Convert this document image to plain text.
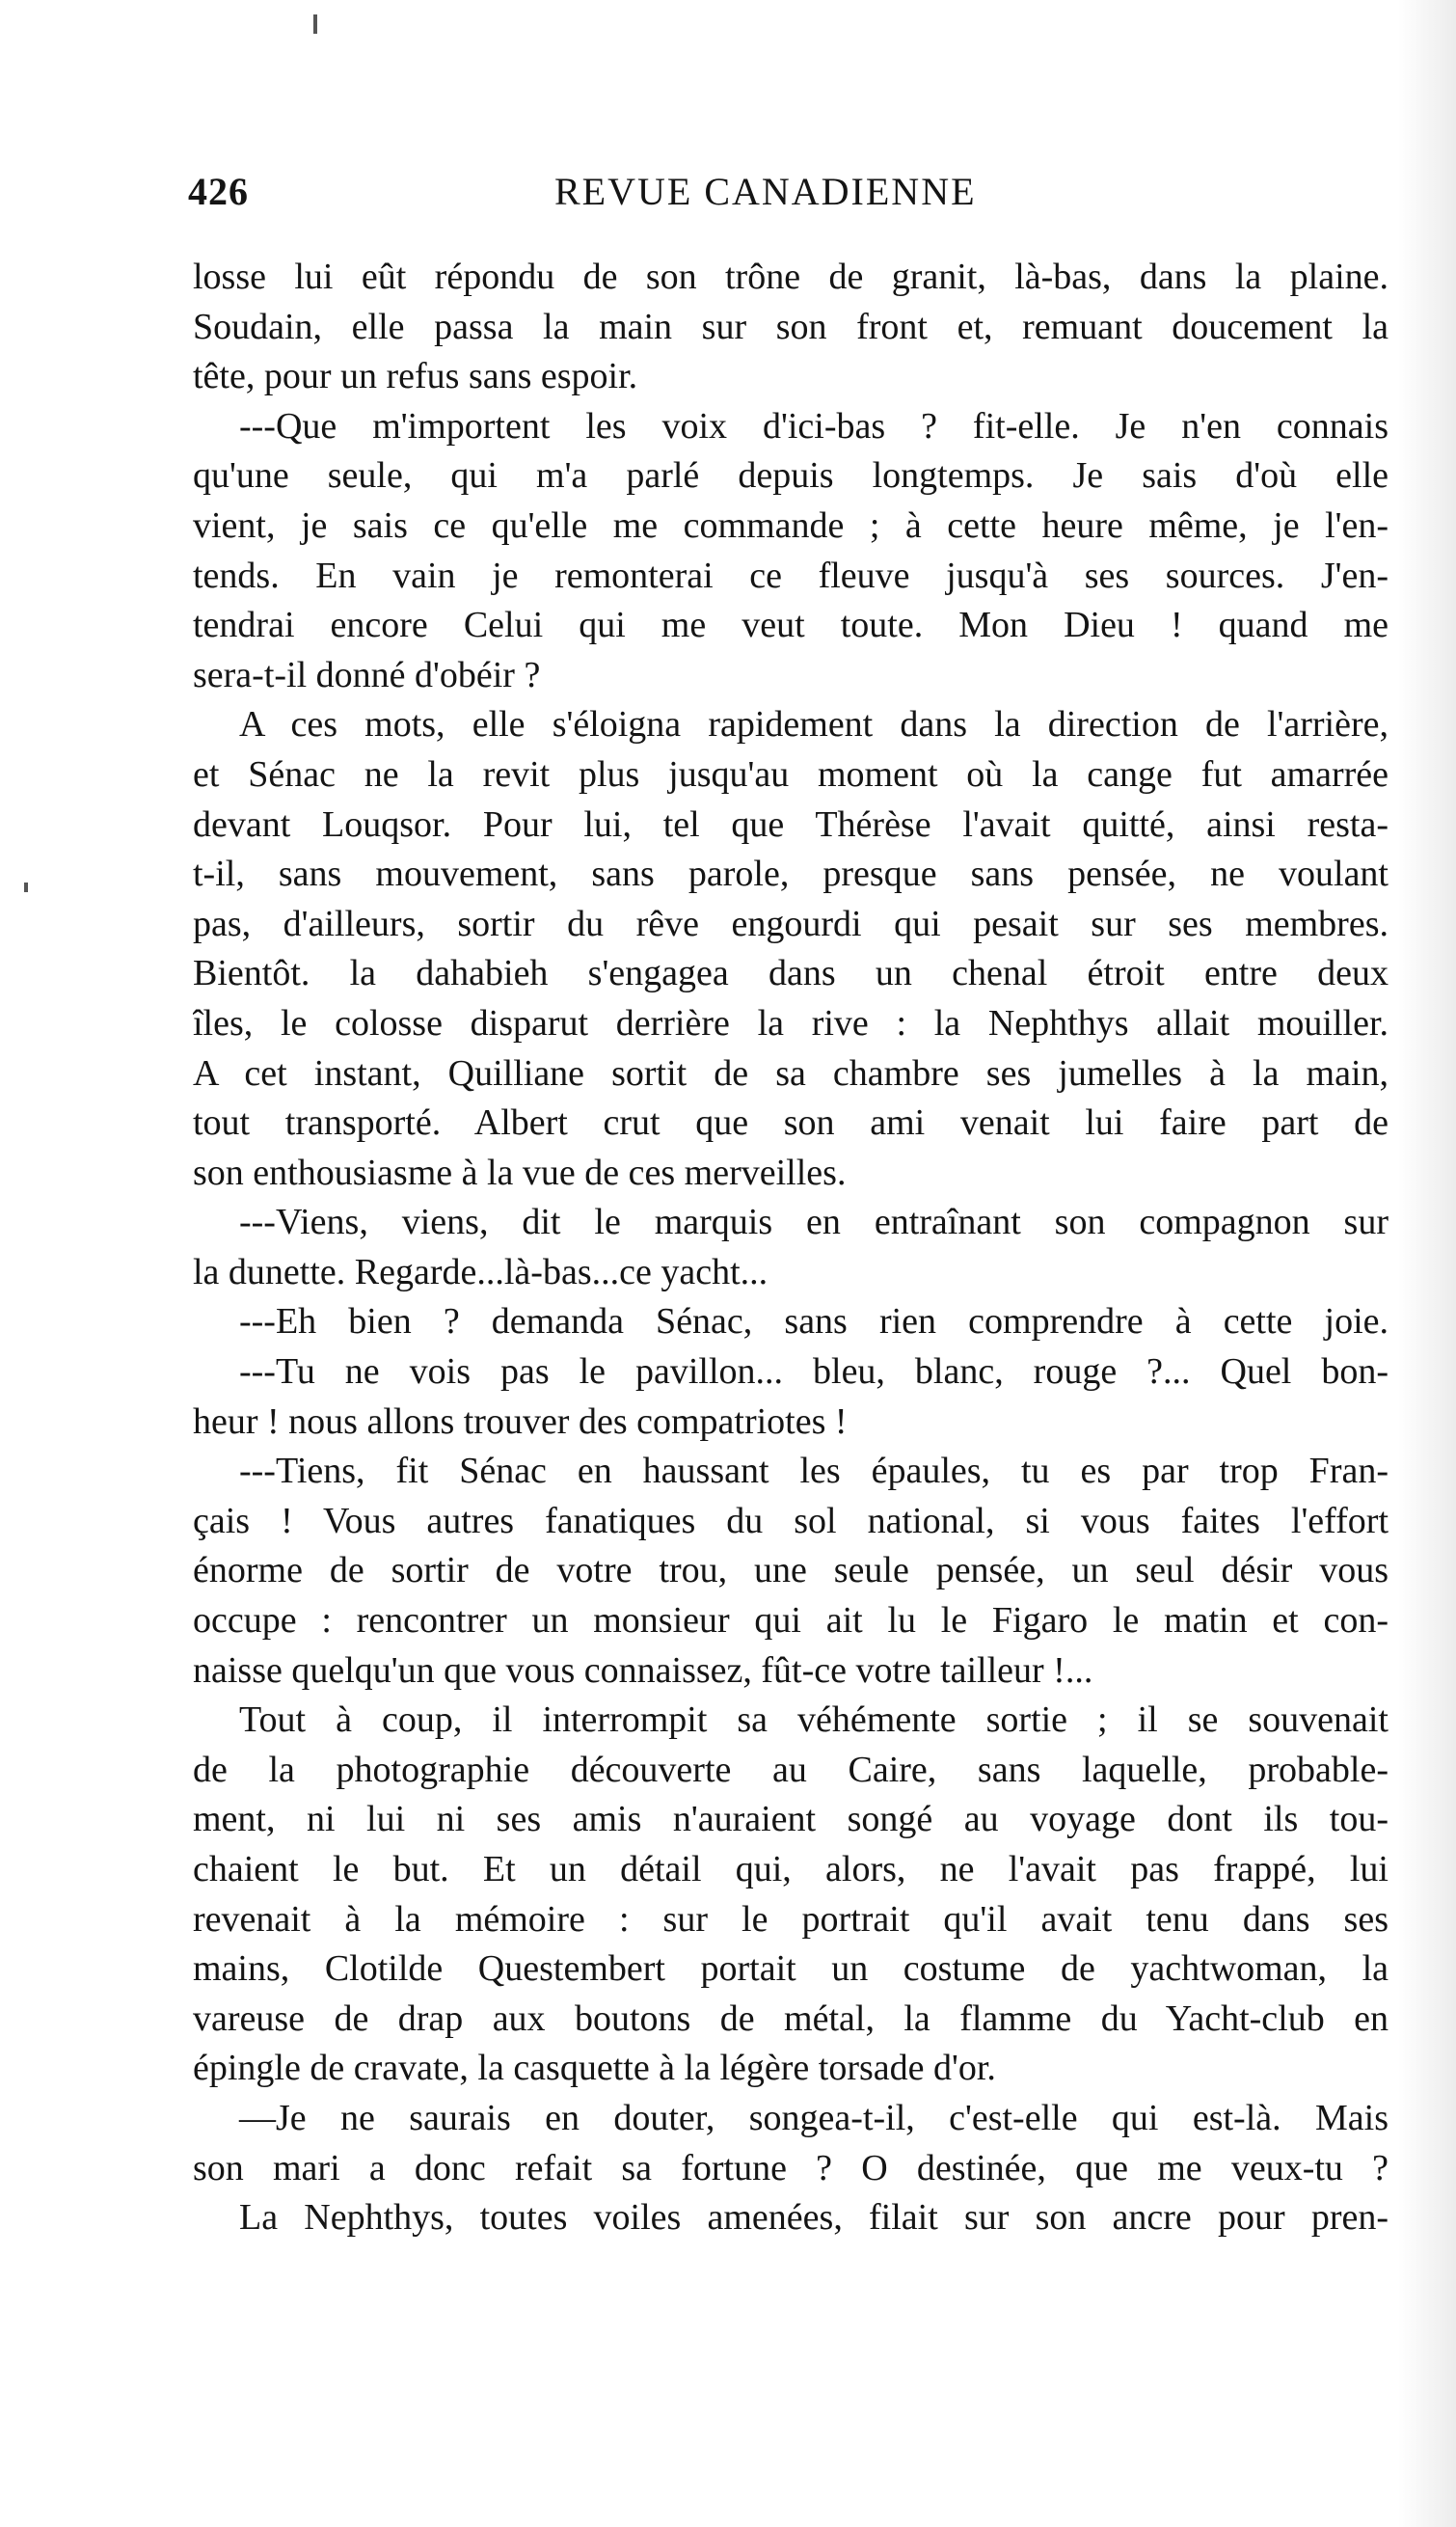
426	REVUE CANADIENNE
losse lui eût répondu de son trône de granit, là-bas, dans la plaine.
Soudain, elle passa la main sur son front et, remuant doucement la
tête, pour un refus sans espoir.
---Que m'importent les voix d'ici-bas ? fit-elle. Je n'en connais
qu'une seule, qui m'a parlé depuis longtemps. Je sais d'où elle
vient, je sais ce qu'elle me commande ; à cette heure même, je l'en-
tends. En vain je remonterai ce fleuve jusqu'à ses sources. J'en-
tendrai encore Celui qui me veut toute. Mon Dieu ! quand me
sera-t-il donné d'obéir ?
A ces mots, elle s'éloigna rapidement dans la direction de l'arrière,
et Sénac ne la revit plus jusqu'au moment où la cange fut amarrée
devant Louqsor. Pour lui, tel que Thérèse l'avait quitté, ainsi resta-
t-il, sans mouvement, sans parole, presque sans pensée, ne voulant
pas, d'ailleurs, sortir du rêve engourdi qui pesait sur ses membres.
Bientôt. la dahabieh s'engagea dans un chenal étroit entre deux
îles, le colosse disparut derrière la rive : la Nephthys allait mouiller.
A cet instant, Quilliane sortit de sa chambre ses jumelles à la main,
tout transporté. Albert crut que son ami venait lui faire part de
son enthousiasme à la vue de ces merveilles.
---Viens, viens, dit le marquis en entraînant son compagnon sur
la dunette. Regarde...là-bas...ce yacht...
---Eh bien ? demanda Sénac, sans rien comprendre à cette joie.
---Tu ne vois pas le pavillon... bleu, blanc, rouge ?... Quel bon-
heur ! nous allons trouver des compatriotes !
---Tiens, fit Sénac en haussant les épaules, tu es par trop Fran-
çais ! Vous autres fanatiques du sol national, si vous faites l'effort
énorme de sortir de votre trou, une seule pensée, un seul désir vous
occupe : rencontrer un monsieur qui ait lu le Figaro le matin et con-
naisse quelqu'un que vous connaissez, fût-ce votre tailleur !...
Tout à coup, il interrompit sa véhémente sortie ; il se souvenait
de la photographie découverte au Caire, sans laquelle, probable-
ment, ni lui ni ses amis n'auraient songé au voyage dont ils tou-
chaient le but. Et un détail qui, alors, ne l'avait pas frappé, lui
revenait à la mémoire : sur le portrait qu'il avait tenu dans ses
mains, Clotilde Questembert portait un costume de yachtwoman, la
vareuse de drap aux boutons de métal, la flamme du Yacht-club en
épingle de cravate, la casquette à la légère torsade d'or.
—Je ne saurais en douter, songea-t-il, c'est-elle qui est-là. Mais
son mari a donc refait sa fortune ? O destinée, que me veux-tu ?
La Nephthys, toutes voiles amenées, filait sur son ancre pour pren-
